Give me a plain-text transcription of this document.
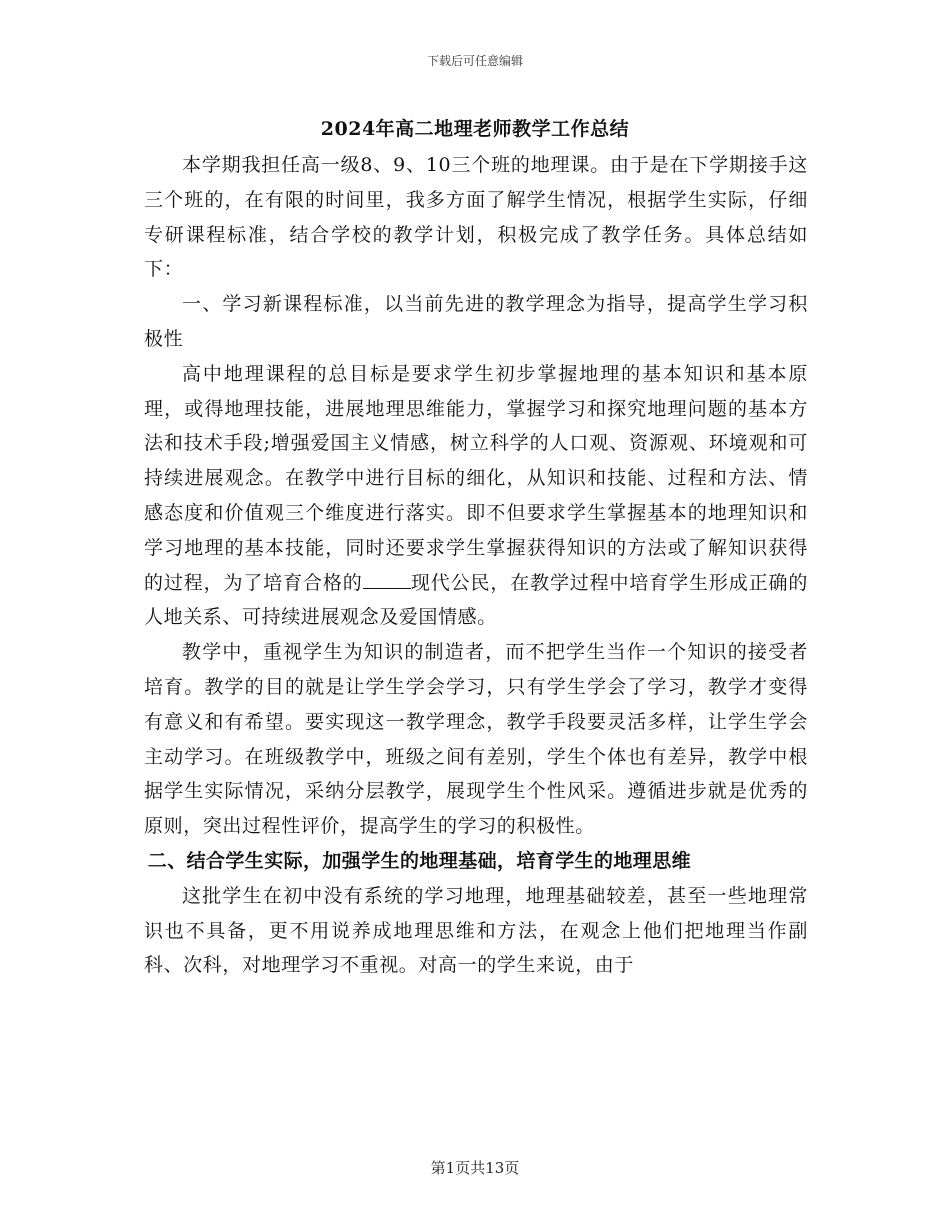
下载后可任意编辑
2024年高二地理老师教学工作总结

本学期我担任高一级8、9、10三个班的地理课。由于是在下学期接手这三个班的，在有限的时间里，我多方面了解学生情况，根据学生实际，仔细专研课程标准，结合学校的教学计划，积极完成了教学任务。具体总结如下：

一、学习新课程标准，以当前先进的教学理念为指导，提高学生学习积极性

高中地理课程的总目标是要求学生初步掌握地理的基本知识和基本原理，或得地理技能，进展地理思维能力，掌握学习和探究地理问题的基本方法和技术手段;增强爱国主义情感，树立科学的人口观、资源观、环境观和可持续进展观念。在教学中进行目标的细化，从知识和技能、过程和方法、情感态度和价值观三个维度进行落实。即不但要求学生掌握基本的地理知识和学习地理的基本技能，同时还要求学生掌握获得知识的方法或了解知识获得的过程，为了培育合格的	现代公民，在教学过程中培育学生形成正确的人地关系、可持续进展观念及爱国情感。

教学中，重视学生为知识的制造者，而不把学生当作一个知识的接受者培育。教学的目的就是让学生学会学习，只有学生学会了学习，教学才变得有意义和有希望。要实现这一教学理念，教学手段要灵活多样，让学生学会主动学习。在班级教学中，班级之间有差别，学生个体也有差异，教学中根据学生实际情况，采纳分层教学，展现学生个性风采。遵循进步就是优秀的原则，突出过程性评价，提高学生的学习的积极性。

二、结合学生实际，加强学生的地理基础，培育学生的地理思维

这批学生在初中没有系统的学习地理，地理基础较差，甚至一些地理常识也不具备，更不用说养成地理思维和方法，在观念上他们把地理当作副科、次科，对地理学习不重视。对高一的学生来说，由于

第1页共13页
